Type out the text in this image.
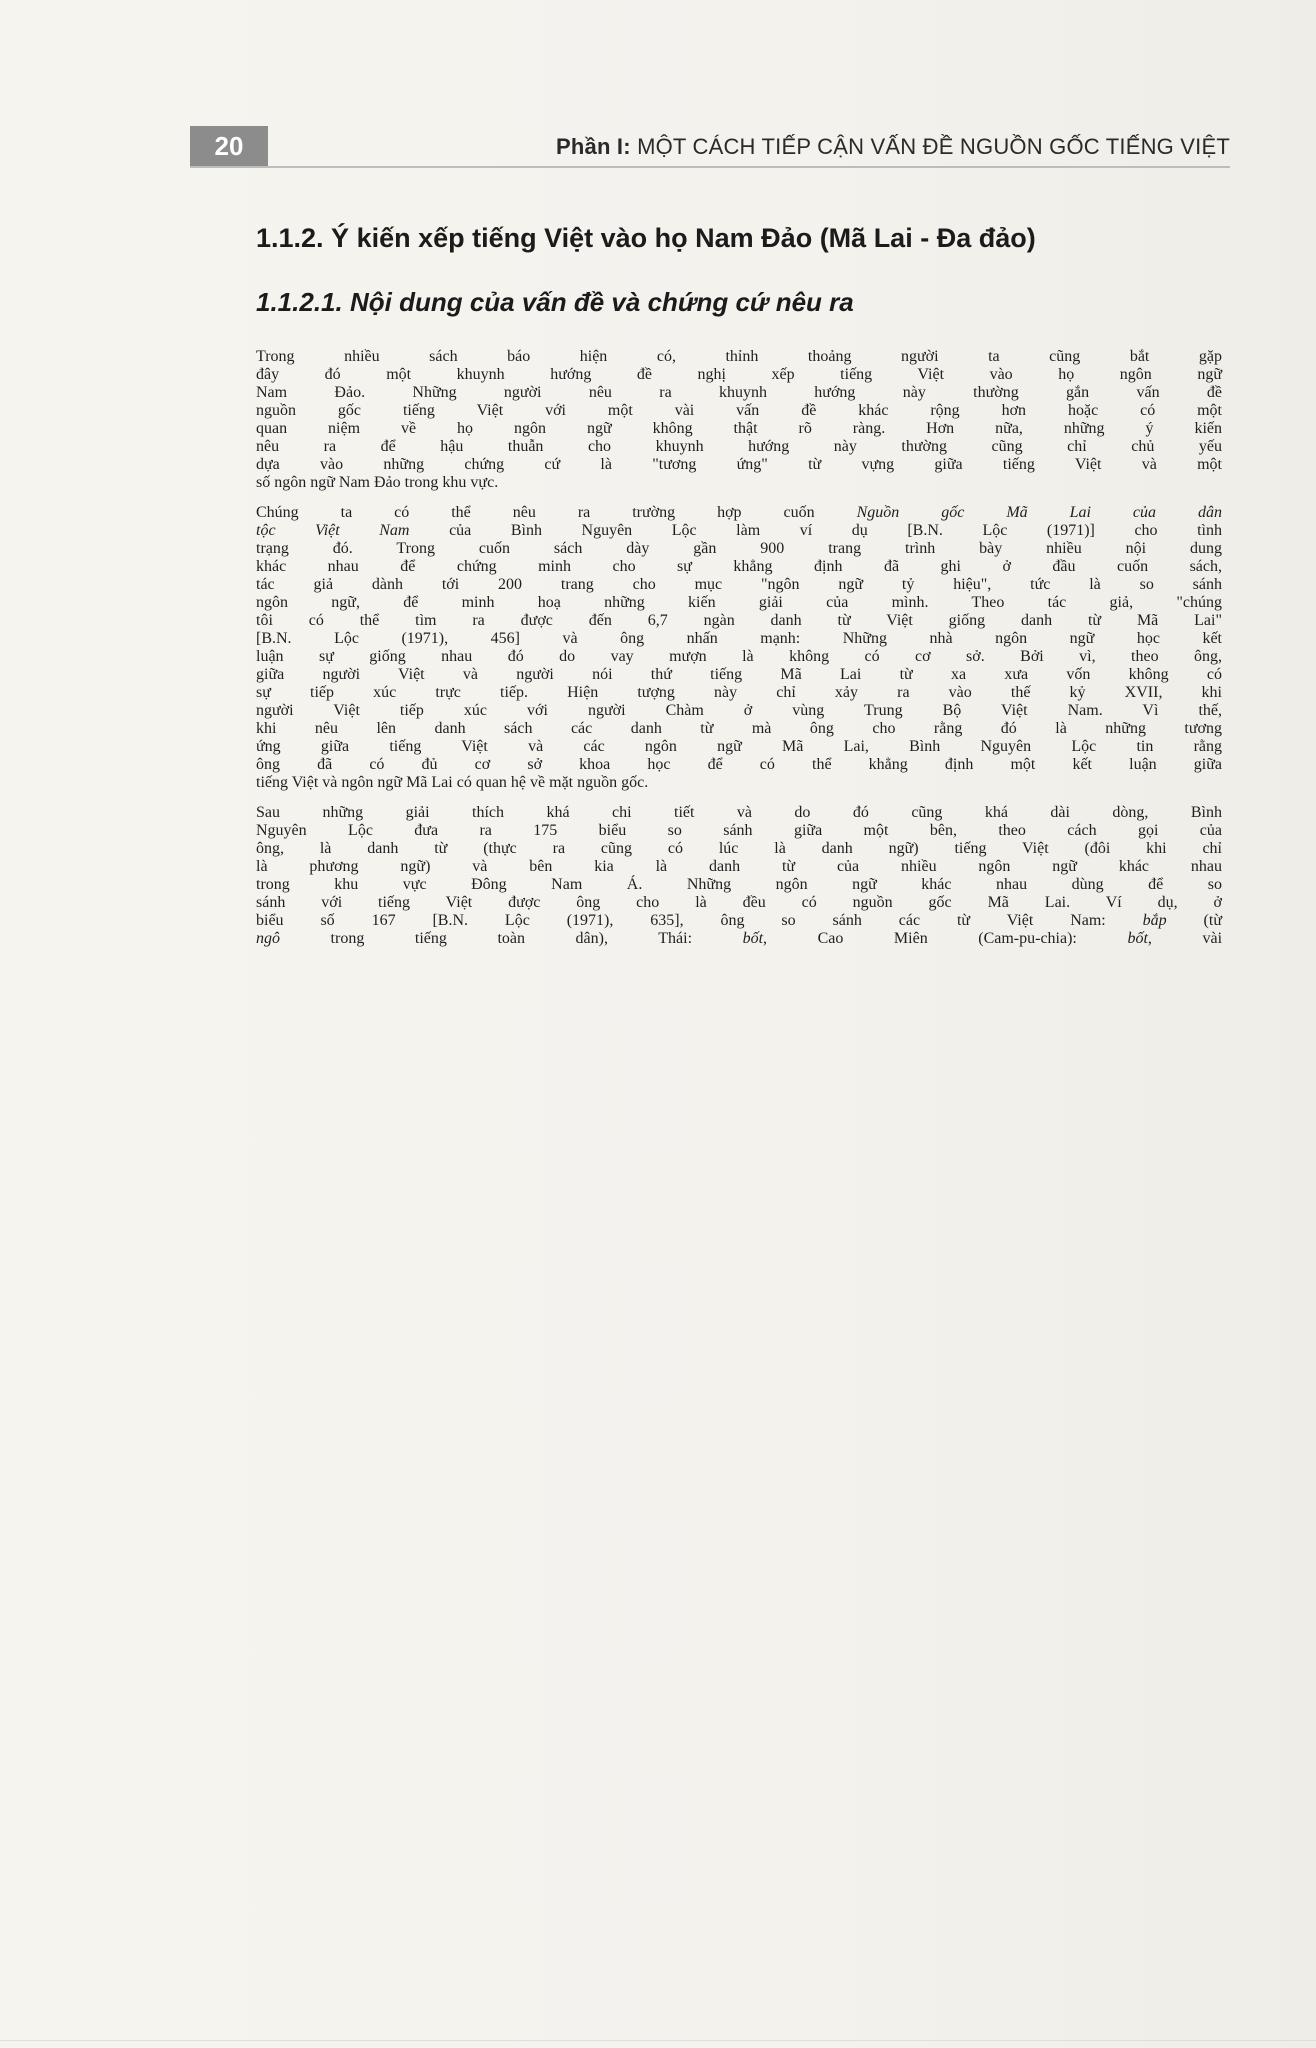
20	Phần I: MỘT CÁCH TIẾP CẬN VẤN ĐỀ NGUỒN GỐC TIẾNG VIỆT
1.1.2. Ý kiến xếp tiếng Việt vào họ Nam Đảo (Mã Lai - Đa đảo)
1.1.2.1. Nội dung của vấn đề và chứng cứ nêu ra
Trong nhiều sách báo hiện có, thỉnh thoảng người ta cũng bắt gặp
đây đó một khuynh hướng đề nghị xếp tiếng Việt vào họ ngôn ngữ
Nam Đảo. Những người nêu ra khuynh hướng này thường gắn vấn đề
nguồn gốc tiếng Việt với một vài vấn đề khác rộng hơn hoặc có một
quan niệm về họ ngôn ngữ không thật rõ ràng. Hơn nữa, những ý kiến
nêu ra để hậu thuẫn cho khuynh hướng này thường cũng chỉ chủ yếu
dựa vào những chứng cứ là "tương ứng" từ vựng giữa tiếng Việt và một
số ngôn ngữ Nam Đảo trong khu vực.
Chúng ta có thể nêu ra trường hợp cuốn Nguồn gốc Mã Lai của dân
tộc Việt Nam của Bình Nguyên Lộc làm ví dụ [B.N. Lộc (1971)] cho tình
trạng đó. Trong cuốn sách dày gần 900 trang trình bày nhiều nội dung
khác nhau để chứng minh cho sự khẳng định đã ghi ở đầu cuốn sách,
tác giả dành tới 200 trang cho mục "ngôn ngữ tỷ hiệu", tức là so sánh
ngôn ngữ, để minh hoạ những kiến giải của mình. Theo tác giả, "chúng
tôi có thể tìm ra được đến 6,7 ngàn danh từ Việt giống danh từ Mã Lai"
[B.N. Lộc (1971), 456] và ông nhấn mạnh: Những nhà ngôn ngữ học kết
luận sự giống nhau đó do vay mượn là không có cơ sở. Bởi vì, theo ông,
giữa người Việt và người nói thứ tiếng Mã Lai từ xa xưa vốn không có
sự tiếp xúc trực tiếp. Hiện tượng này chỉ xảy ra vào thế kỷ XVII, khi
người Việt tiếp xúc với người Chàm ở vùng Trung Bộ Việt Nam. Vì thế,
khi nêu lên danh sách các danh từ mà ông cho rằng đó là những tương
ứng giữa tiếng Việt và các ngôn ngữ Mã Lai, Bình Nguyên Lộc tin rằng
ông đã có đủ cơ sở khoa học để có thể khẳng định một kết luận giữa
tiếng Việt và ngôn ngữ Mã Lai có quan hệ về mặt nguồn gốc.
Sau những giải thích khá chi tiết và do đó cũng khá dài dòng, Bình
Nguyên Lộc đưa ra 175 biểu so sánh giữa một bên, theo cách gọi của
ông, là danh từ (thực ra cũng có lúc là danh ngữ) tiếng Việt (đôi khi chỉ
là phương ngữ) và bên kia là danh từ của nhiều ngôn ngữ khác nhau
trong khu vực Đông Nam Á. Những ngôn ngữ khác nhau dùng để so
sánh với tiếng Việt được ông cho là đều có nguồn gốc Mã Lai. Ví dụ, ở
biểu số 167 [B.N. Lộc (1971), 635], ông so sánh các từ Việt Nam: bắp (từ
ngô trong tiếng toàn dân), Thái: bốt, Cao Miên (Cam-pu-chia): bốt, vài
